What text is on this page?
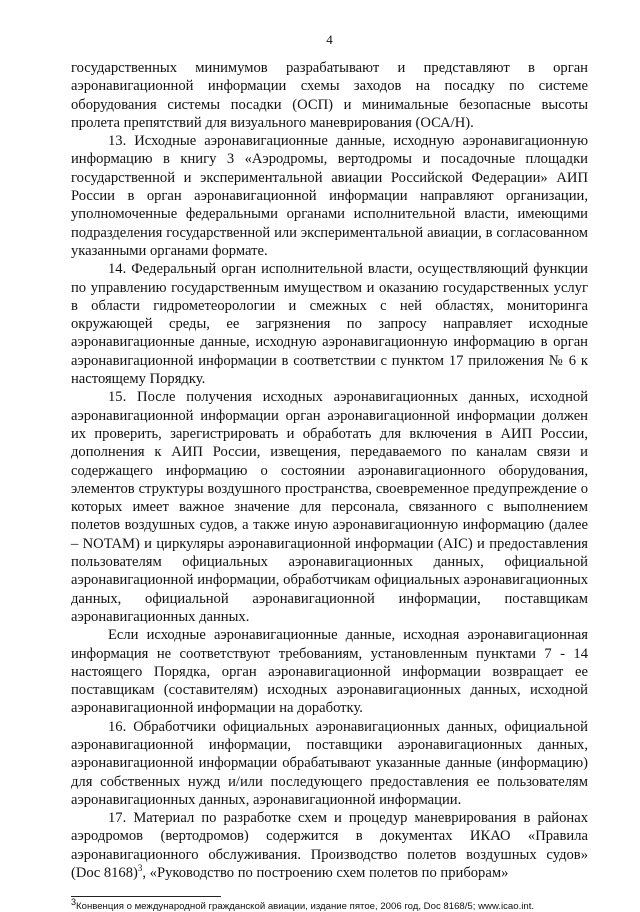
4

государственных минимумов разрабатывают и представляют в орган аэронавигационной информации схемы заходов на посадку по системе оборудования системы посадки (ОСП) и минимальные безопасные высоты пролета препятствий для визуального маневрирования (ОСА/Н).

13. Исходные аэронавигационные данные, исходную аэронавигационную информацию в книгу 3 «Аэродромы, вертодромы и посадочные площадки государственной и экспериментальной авиации Российской Федерации» АИП России в орган аэронавигационной информации направляют организации, уполномоченные федеральными органами исполнительной власти, имеющими подразделения государственной или экспериментальной авиации, в согласованном указанными органами формате.

14. Федеральный орган исполнительной власти, осуществляющий функции по управлению государственным имуществом и оказанию государственных услуг в области гидрометеорологии и смежных с ней областях, мониторинга окружающей среды, ее загрязнения по запросу направляет исходные аэронавигационные данные, исходную аэронавигационную информацию в орган аэронавигационной информации в соответствии с пунктом 17 приложения № 6 к настоящему Порядку.

15. После получения исходных аэронавигационных данных, исходной аэронавигационной информации орган аэронавигационной информации должен их проверить, зарегистрировать и обработать для включения в АИП России, дополнения к АИП России, извещения, передаваемого по каналам связи и содержащего информацию о состоянии аэронавигационного оборудования, элементов структуры воздушного пространства, своевременное предупреждение о которых имеет важное значение для персонала, связанного с выполнением полетов воздушных судов, а также иную аэронавигационную информацию (далее – NOTAM) и циркуляры аэронавигационной информации (AIC) и предоставления пользователям официальных аэронавигационных данных, официальной аэронавигационной информации, обработчикам официальных аэронавигационных данных, официальной аэронавигационной информации, поставщикам аэронавигационных данных.

Если исходные аэронавигационные данные, исходная аэронавигационная информация не соответствуют требованиям, установленным пунктами 7 - 14 настоящего Порядка, орган аэронавигационной информации возвращает ее поставщикам (составителям) исходных аэронавигационных данных, исходной аэронавигационной информации на доработку.

16. Обработчики официальных аэронавигационных данных, официальной аэронавигационной информации, поставщики аэронавигационных данных, аэронавигационной информации обрабатывают указанные данные (информацию) для собственных нужд и/или последующего предоставления ее пользователям аэронавигационных данных, аэронавигационной информации.

17. Материал по разработке схем и процедур маневрирования в районах аэродромов (вертодромов) содержится в документах ИКАО «Правила аэронавигационного обслуживания. Производство полетов воздушных судов» (Doc 8168)$^3$, «Руководство по построению схем полетов по приборам»

$^3$Конвенция о международной гражданской авиации, издание пятое, 2006 год, Doc 8168/5; www.icao.int.
